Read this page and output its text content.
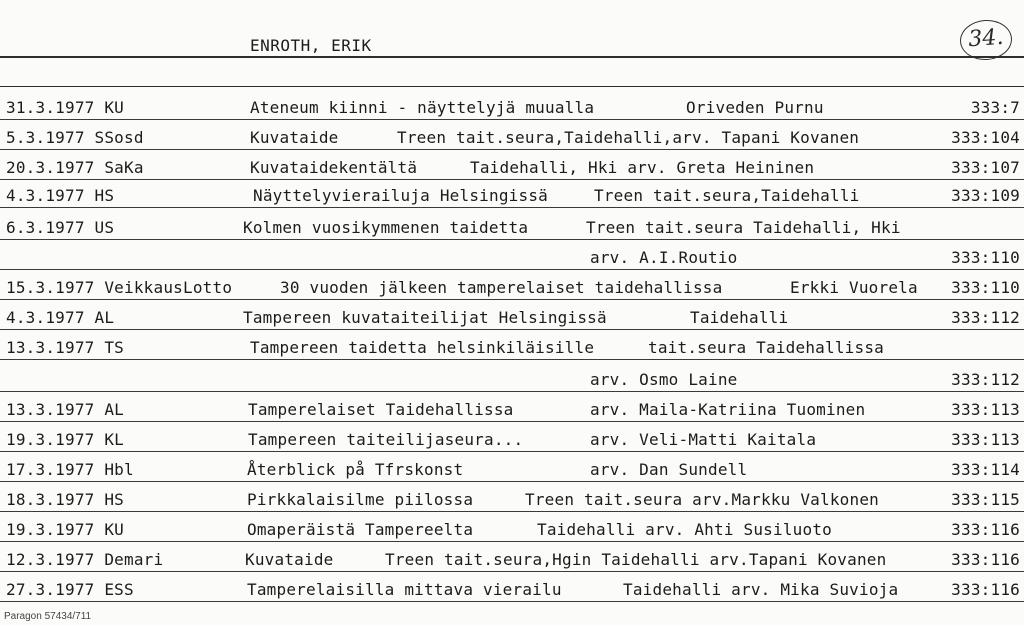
ENROTH, ERIK	34.
31.3.1977 KU	Ateneum kiinni - näyttelyjä muualla	Oriveden Purnu	333:7
5.3.1977 SSosd	Kuvataide	Treen tait.seura,Taidehalli,arv. Tapani Kovanen	333:104
20.3.1977 SaKa	Kuvataidekentältä	Taidehalli, Hki arv. Greta Heininen	333:107
4.3.1977 HS	Näyttelyvierailuja Helsingissä	Treen tait.seura,Taidehalli	333:109
6.3.1977 US	Kolmen vuosikymmenen taidetta	Treen tait.seura Taidehalli, Hki
arv. A.I.Routio	333:110
15.3.1977 VeikkausLotto	30 vuoden jälkeen tamperelaiset taidehallissa	Erkki Vuorela 333:110
4.3.1977 AL	Tampereen kuvataiteilijat Helsingissä	Taidehalli	333:112
13.3.1977 TS	Tampereen taidetta helsinkiläisille	tait.seura Taidehallissa
arv. Osmo Laine	333:112
13.3.1977 AL	Tamperelaiset Taidehallissa	arv. Maila-Katriina Tuominen	333:113
19.3.1977 KL	Tampereen taiteilijaseura...	arv. Veli-Matti Kaitala	333:113
17.3.1977 Hbl	Återblick på Tfrskonst	arv. Dan Sundell	333:114
18.3.1977 HS	Pirkkalaisilme piilossa	Treen tait.seura arv.Markku Valkonen	333:115
19.3.1977 KU	Omaperäistä Tampereelta	Taidehalli arv. Ahti Susiluoto	333:116
12.3.1977 Demari	Kuvataide	Treen tait.seura,Hgin Taidehalli arv.Tapani Kovanen	333:116
27.3.1977 ESS	Tamperelaisilla mittava vierailu	Taidehalli arv. Mika Suvioja	333:116
Paragon 57434/711
